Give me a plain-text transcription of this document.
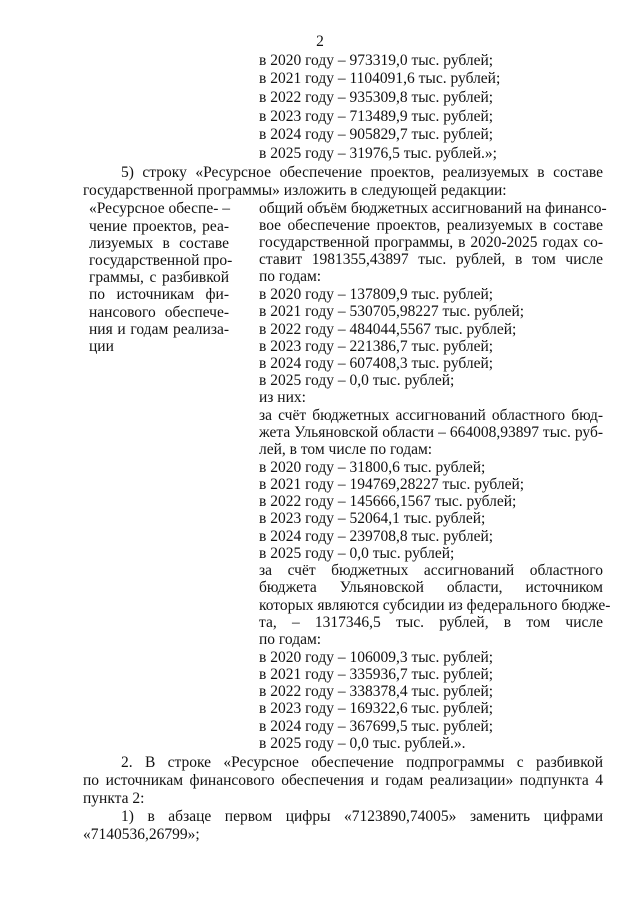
2
в 2020 году – 973319,0 тыс. рублей;
в 2021 году – 1104091,6 тыс. рублей;
в 2022 году – 935309,8 тыс. рублей;
в 2023 году – 713489,9 тыс. рублей;
в 2024 году – 905829,7 тыс. рублей;
в 2025 году – 31976,5 тыс. рублей.»;
5) строку «Ресурсное обеспечение проектов, реализуемых в составе
государственной программы» изложить в следующей редакции:
«Ресурсное обеспе- –
чение проектов, реа-
лизуемых в составе
государственной про-
граммы, с разбивкой
по источникам фи-
нансового обеспече-
ния и годам реализа-
ции
общий объём бюджетных ассигнований на финансо-
вое обеспечение проектов, реализуемых в составе
государственной программы, в 2020-2025 годах со-
ставит 1981355,43897 тыс. рублей, в том числе
по годам:
в 2020 году – 137809,9 тыс. рублей;
в 2021 году – 530705,98227 тыс. рублей;
в 2022 году – 484044,5567 тыс. рублей;
в 2023 году – 221386,7 тыс. рублей;
в 2024 году – 607408,3 тыс. рублей;
в 2025 году – 0,0 тыс. рублей;
из них:
за счёт бюджетных ассигнований областного бюд-
жета Ульяновской области – 664008,93897 тыс. руб-
лей, в том числе по годам:
в 2020 году – 31800,6 тыс. рублей;
в 2021 году – 194769,28227 тыс. рублей;
в 2022 году – 145666,1567 тыс. рублей;
в 2023 году – 52064,1 тыс. рублей;
в 2024 году – 239708,8 тыс. рублей;
в 2025 году – 0,0 тыс. рублей;
за счёт бюджетных ассигнований областного
бюджета Ульяновской области, источником
которых являются субсидии из федерального бюдже-
та, – 1317346,5 тыс. рублей, в том числе
по годам:
в 2020 году – 106009,3 тыс. рублей;
в 2021 году – 335936,7 тыс. рублей;
в 2022 году – 338378,4 тыс. рублей;
в 2023 году – 169322,6 тыс. рублей;
в 2024 году – 367699,5 тыс. рублей;
в 2025 году – 0,0 тыс. рублей.».
2. В строке «Ресурсное обеспечение подпрограммы с разбивкой
по источникам финансового обеспечения и годам реализации» подпункта 4
пункта 2:
1) в абзаце первом цифры «7123890,74005» заменить цифрами
«7140536,26799»;
